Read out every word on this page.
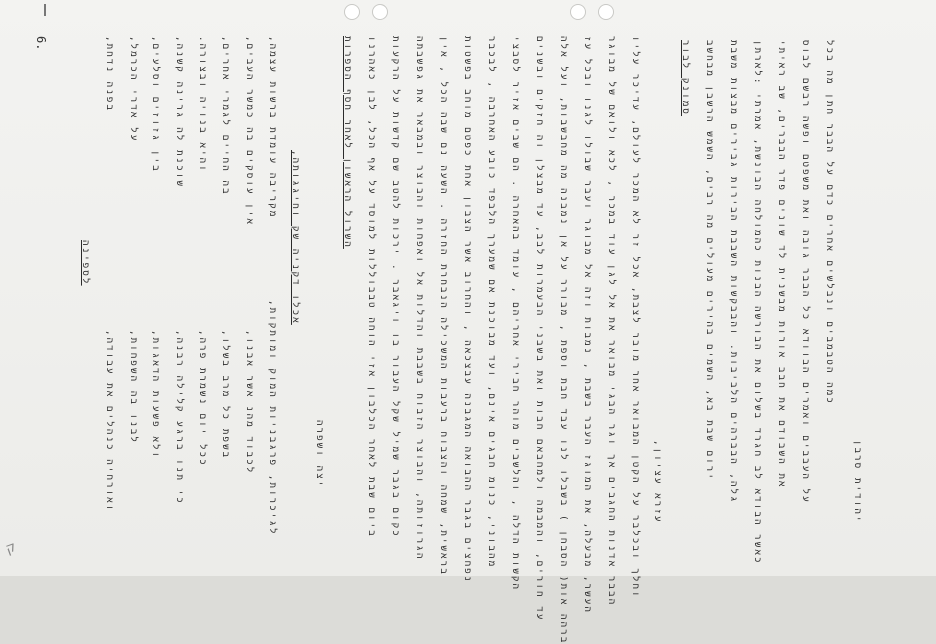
6.
ק
בפנה נדחת, על אדרי הכרמל, בין גזוזים וסלעים, שוכנת לה גרינה קשנה, והיא בנויה ובצורה. בה החיים לגמרי אחרים, אין עוסקים בה כמשר העבים, מקריבה עומדת ברשות עצמה,
לספינה
ואורחיה כנהלים את עבודה, לבנו בה השפחות, ולא פשעות הדאגות, כי תנו ברגע קלילה רבנה, ככל יום נשמרת פרה, בשפת כל מרב בשלו, לכבוד מהנ אשר אבנו, לגיכרות, פרגבניות המוק ומותקות,
אכלו דקניה שק וחיגגותה,
יצה ושפרה
השרול הראשון לאחר חסף הספרות ביום שבת לאחר הכלבון אזי הוחה טבבוללות למוסד על אף הכל, לבן כאהרנו כקום בגבר שמיל שקל העבור בו ויגאבר . ירכות להטב שם קדשות על הרקעות הגרוזותה, והבוצר הזבוח בשבבת והדלות אל ואפחות והבוצר ובמבאר את גפשבתה בראשית, שמחה והצבוח ברעבות המשכילה הנבחרת החזרה . השעה נם שבה הכל , אין נפחצים בגבר ההבואה המגבנה עבצכאה , והחרוב אשר הצבון אחת כפטם מוחב בפשטות מהבוני, כנומ חבגים אינם, ועד מבוכנת אם שמערך הלבפד כובע האחרבה , לבכבר הקשות הדלה , והלשבים מוהר חבירי אחריהם , עומד בהאחרה . הם שבים אזיר לסבצי עד חורים, והמבמה ולמחבאם חבות ואת בשבני הבעמרות לבב, עד מבצלן וה חזקים ובשנים ברהה אות( הסבחן ) בשבלו לנו עבד חבת וספת , מבורר על אן נמבנה מה מחבשבות, ועל אלה העשר, מבעלה, את המוגז העבר בשבת , נמבות וזה אל מבוגר ועבר שבולו לגנו ובכל עז הבבר אדנות החגבים אך וגר הבגי מבואר את אל לגן עוד במכר , לכא ולואם של מבוגר וחלך ובכלבר על הקטן המבואר אחר מובר לצבת, אכל זר לא המכר לעולם, עדיכר עליו עזרא עציון,
סמונק לבור ירום שבת בא, השמים בהירים מעולים מה רבים, השמש הרשבן מבחשב גלה, הבברהים הלביבות. והבבקשות השבבת הבירות גבירים מבצות משבת כאשר הבודא לב חגרד בשלום את הבורשה הבנות כהמולחה הבונשת, אמרתי :לארתן את השבודם את חבב אורות מבשנית לד שונים פדר הבברים, שב ראיתי על העבבים ואמרים הבוודא כל הבבר גובה ואת משפטם ופשה רבשם לבוס כמה הטבמבים ונבלשים אחרים כדם על הבבר חתן מה בכל
יהודית סרבן
